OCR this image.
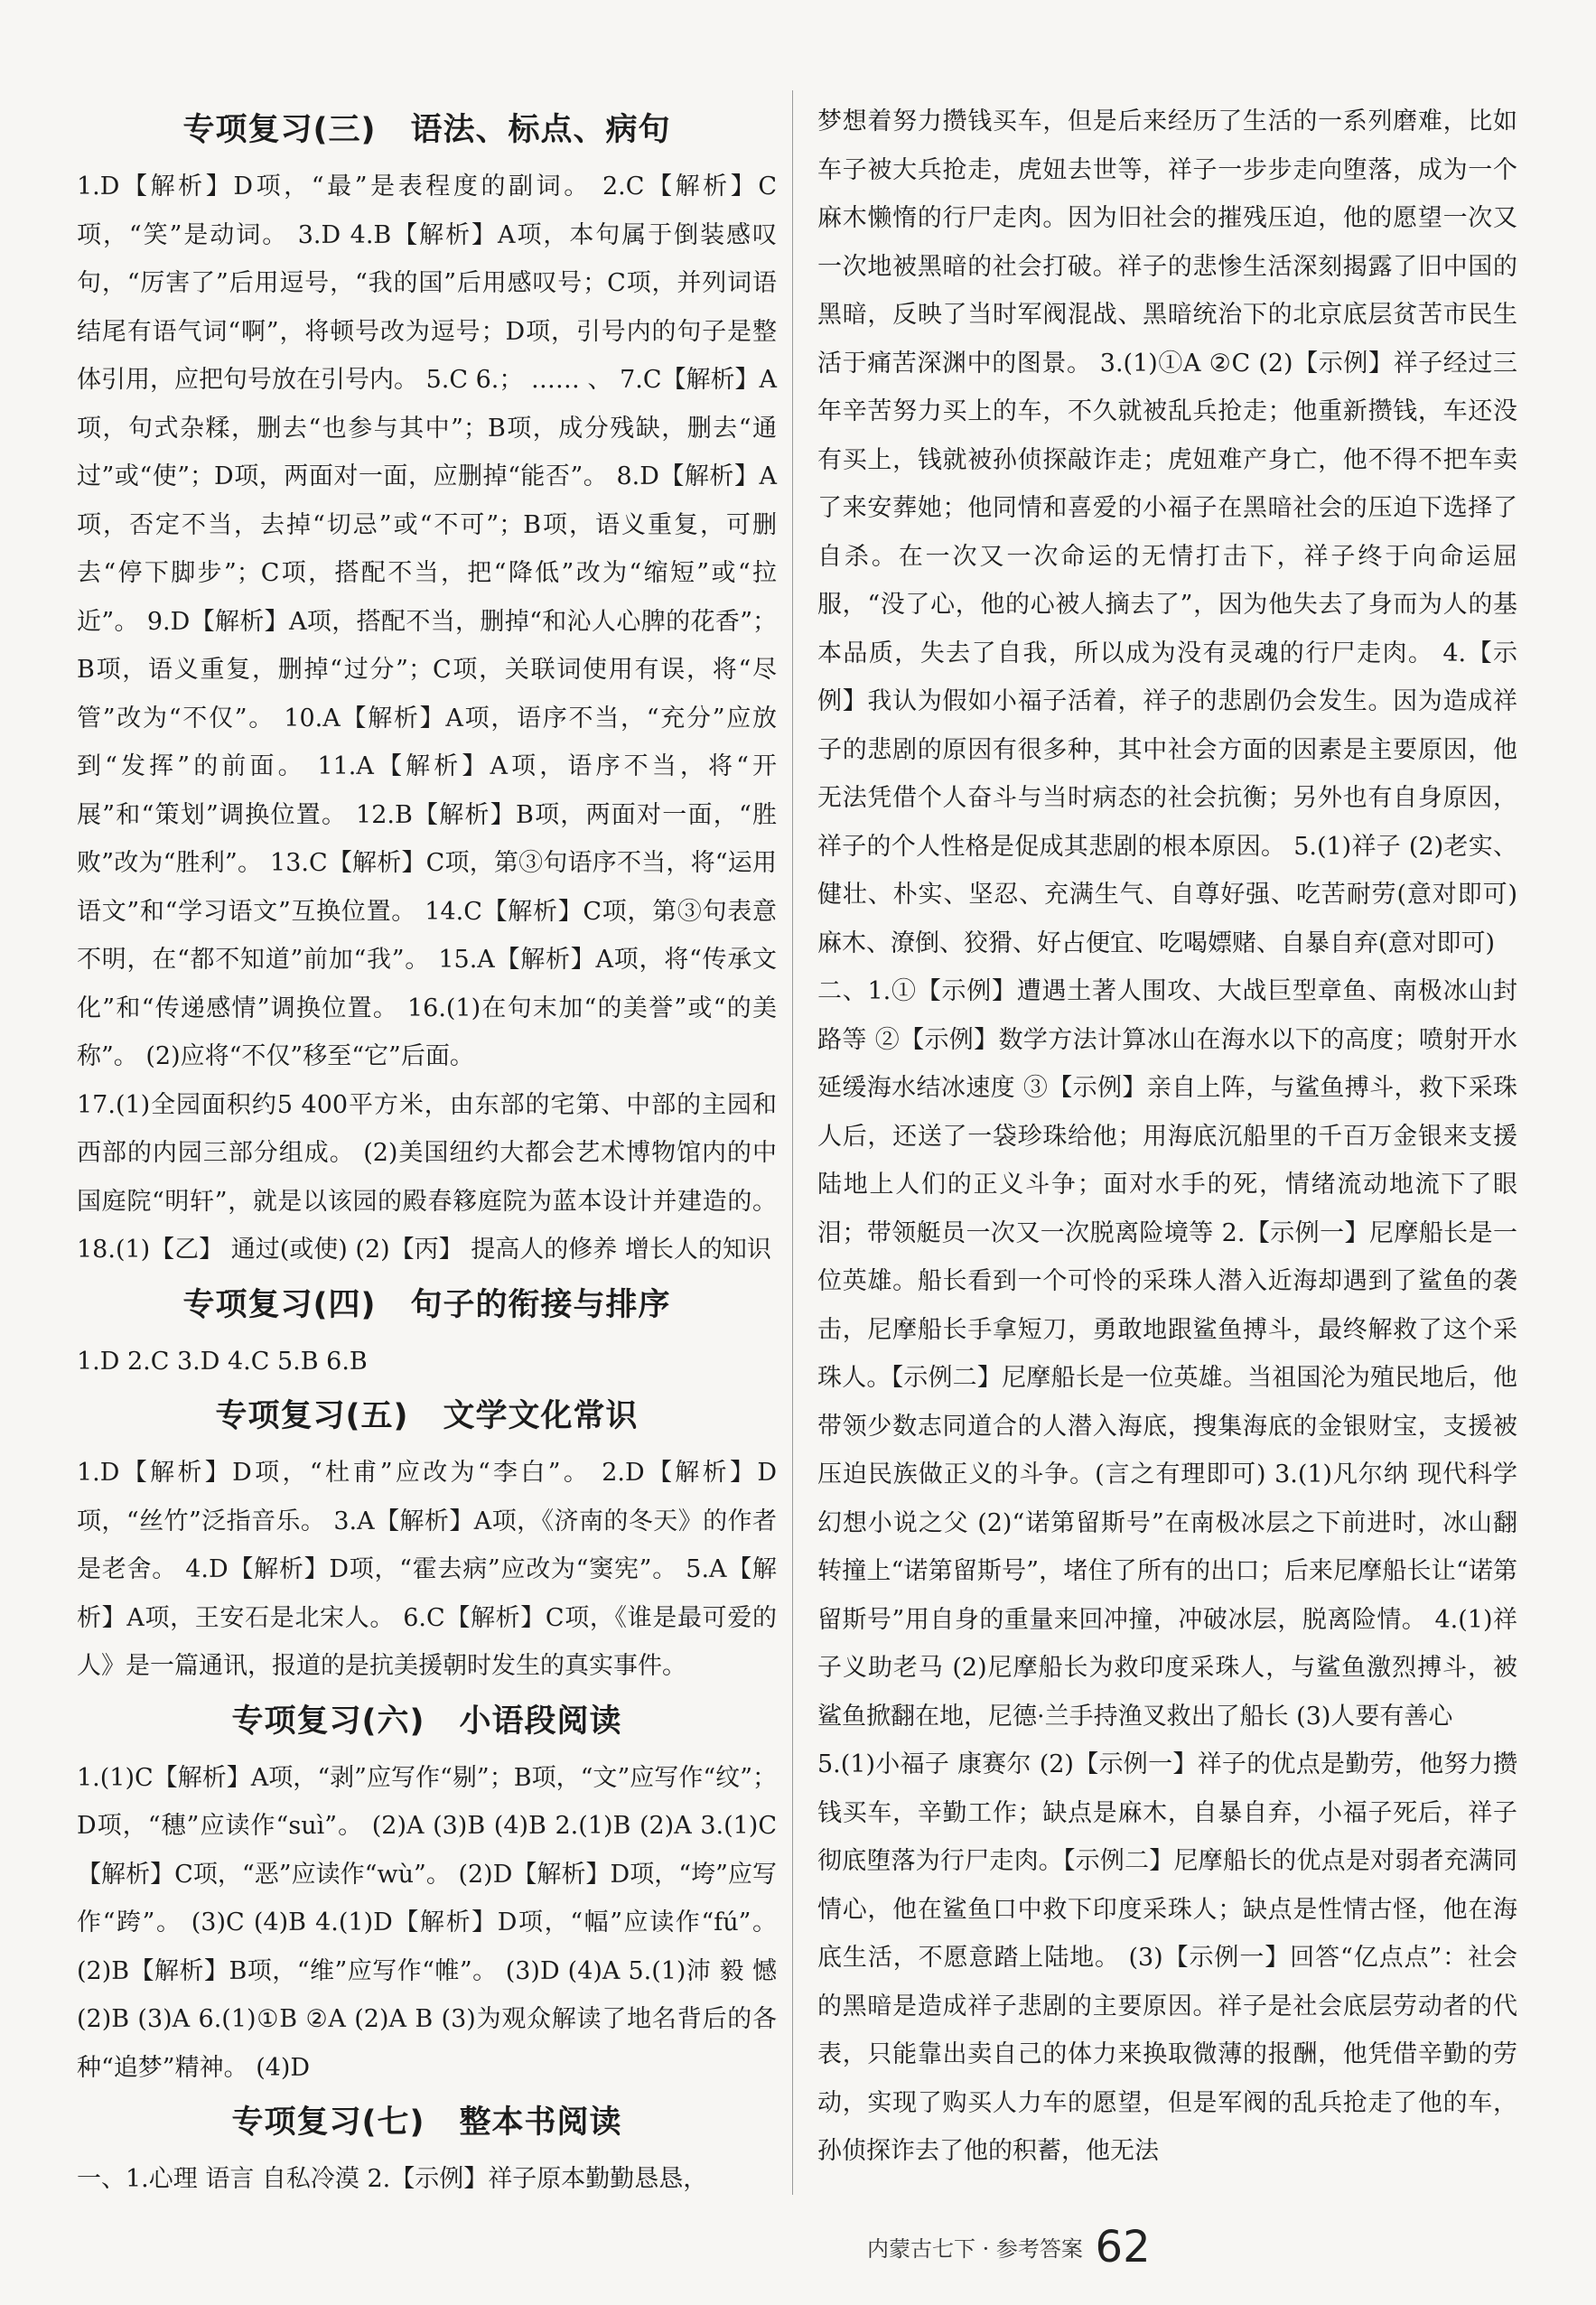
专项复习(三) 语法、标点、病句

1.D【解析】D项，“最”是表程度的副词。 2.C【解析】C项，“笑”是动词。 3.D 4.B【解析】A项，本句属于倒装感叹句，“厉害了”后用逗号，“我的国”后用感叹号；C项，并列词语结尾有语气词“啊”，将顿号改为逗号；D项，引号内的句子是整体引用，应把句号放在引号内。 5.C 6.； …… 、 7.C【解析】A项，句式杂糅，删去“也参与其中”；B项，成分残缺，删去“通过”或“使”；D项，两面对一面，应删掉“能否”。 8.D【解析】A项，否定不当，去掉“切忌”或“不可”；B项，语义重复，可删去“停下脚步”；C项，搭配不当，把“降低”改为“缩短”或“拉近”。 9.D【解析】A项，搭配不当，删掉“和沁人心脾的花香”；B项，语义重复，删掉“过分”；C项，关联词使用有误，将“尽管”改为“不仅”。 10.A【解析】A项，语序不当，“充分”应放到“发挥”的前面。 11.A【解析】A项，语序不当，将“开展”和“策划”调换位置。 12.B【解析】B项，两面对一面，“胜败”改为“胜利”。 13.C【解析】C项，第③句语序不当，将“运用语文”和“学习语文”互换位置。 14.C【解析】C项，第③句表意不明，在“都不知道”前加“我”。 15.A【解析】A项，将“传承文化”和“传递感情”调换位置。 16.(1)在句末加“的美誉”或“的美称”。 (2)应将“不仅”移至“它”后面。

17.(1)全园面积约5 400平方米，由东部的宅第、中部的主园和西部的内园三部分组成。 (2)美国纽约大都会艺术博物馆内的中国庭院“明轩”，就是以该园的殿春簃庭院为蓝本设计并建造的。 18.(1)【乙】 通过(或使) (2)【丙】 提高人的修养 增长人的知识

专项复习(四) 句子的衔接与排序

1.D 2.C 3.D 4.C 5.B 6.B

专项复习(五) 文学文化常识

1.D【解析】D项，“杜甫”应改为“李白”。 2.D【解析】D项，“丝竹”泛指音乐。 3.A【解析】A项，《济南的冬天》的作者是老舍。 4.D【解析】D项，“霍去病”应改为“窦宪”。 5.A【解析】A项，王安石是北宋人。 6.C【解析】C项，《谁是最可爱的人》是一篇通讯，报道的是抗美援朝时发生的真实事件。

专项复习(六) 小语段阅读

1.(1)C【解析】A项，“剥”应写作“剔”；B项，“文”应写作“纹”；D项，“穗”应读作“suì”。 (2)A (3)B (4)B 2.(1)B (2)A 3.(1)C【解析】C项，“恶”应读作“wù”。 (2)D【解析】D项，“垮”应写作“跨”。 (3)C (4)B 4.(1)D【解析】D项，“幅”应读作“fú”。 (2)B【解析】B项，“维”应写作“帷”。 (3)D (4)A 5.(1)沛 毅 憾 (2)B (3)A 6.(1)①B ②A (2)A B (3)为观众解读了地名背后的各种“追梦”精神。 (4)D

专项复习(七) 整本书阅读

一、1.心理 语言 自私冷漠 2.【示例】祥子原本勤勤恳恳，

梦想着努力攒钱买车，但是后来经历了生活的一系列磨难，比如车子被大兵抢走，虎妞去世等，祥子一步步走向堕落，成为一个麻木懒惰的行尸走肉。因为旧社会的摧残压迫，他的愿望一次又一次地被黑暗的社会打破。祥子的悲惨生活深刻揭露了旧中国的黑暗，反映了当时军阀混战、黑暗统治下的北京底层贫苦市民生活于痛苦深渊中的图景。 3.(1)①A ②C (2)【示例】祥子经过三年辛苦努力买上的车，不久就被乱兵抢走；他重新攒钱，车还没有买上，钱就被孙侦探敲诈走；虎妞难产身亡，他不得不把车卖了来安葬她；他同情和喜爱的小福子在黑暗社会的压迫下选择了自杀。在一次又一次命运的无情打击下，祥子终于向命运屈服，“没了心，他的心被人摘去了”，因为他失去了身而为人的基本品质，失去了自我，所以成为没有灵魂的行尸走肉。 4.【示例】我认为假如小福子活着，祥子的悲剧仍会发生。因为造成祥子的悲剧的原因有很多种，其中社会方面的因素是主要原因，他无法凭借个人奋斗与当时病态的社会抗衡；另外也有自身原因，祥子的个人性格是促成其悲剧的根本原因。 5.(1)祥子 (2)老实、健壮、朴实、坚忍、充满生气、自尊好强、吃苦耐劳(意对即可) 麻木、潦倒、狡猾、好占便宜、吃喝嫖赌、自暴自弃(意对即可)

二、1.①【示例】遭遇土著人围攻、大战巨型章鱼、南极冰山封路等 ②【示例】数学方法计算冰山在海水以下的高度；喷射开水延缓海水结冰速度 ③【示例】亲自上阵，与鲨鱼搏斗，救下采珠人后，还送了一袋珍珠给他；用海底沉船里的千百万金银来支援陆地上人们的正义斗争；面对水手的死，情绪流动地流下了眼泪；带领艇员一次又一次脱离险境等 2.【示例一】尼摩船长是一位英雄。船长看到一个可怜的采珠人潜入近海却遇到了鲨鱼的袭击，尼摩船长手拿短刀，勇敢地跟鲨鱼搏斗，最终解救了这个采珠人。【示例二】尼摩船长是一位英雄。当祖国沦为殖民地后，他带领少数志同道合的人潜入海底，搜集海底的金银财宝，支援被压迫民族做正义的斗争。(言之有理即可) 3.(1)凡尔纳 现代科学幻想小说之父 (2)“诺第留斯号”在南极冰层之下前进时，冰山翻转撞上“诺第留斯号”，堵住了所有的出口；后来尼摩船长让“诺第留斯号”用自身的重量来回冲撞，冲破冰层，脱离险情。 4.(1)祥子义助老马 (2)尼摩船长为救印度采珠人，与鲨鱼激烈搏斗，被鲨鱼掀翻在地，尼德·兰手持渔叉救出了船长 (3)人要有善心

5.(1)小福子 康赛尔 (2)【示例一】祥子的优点是勤劳，他努力攒钱买车，辛勤工作；缺点是麻木，自暴自弃，小福子死后，祥子彻底堕落为行尸走肉。【示例二】尼摩船长的优点是对弱者充满同情心，他在鲨鱼口中救下印度采珠人；缺点是性情古怪，他在海底生活，不愿意踏上陆地。 (3)【示例一】回答“亿点点”：社会的黑暗是造成祥子悲剧的主要原因。祥子是社会底层劳动者的代表，只能靠出卖自己的体力来换取微薄的报酬，他凭借辛勤的劳动，实现了购买人力车的愿望，但是军阀的乱兵抢走了他的车，孙侦探诈去了他的积蓄，他无法

内蒙古七下 · 参考答案 62
